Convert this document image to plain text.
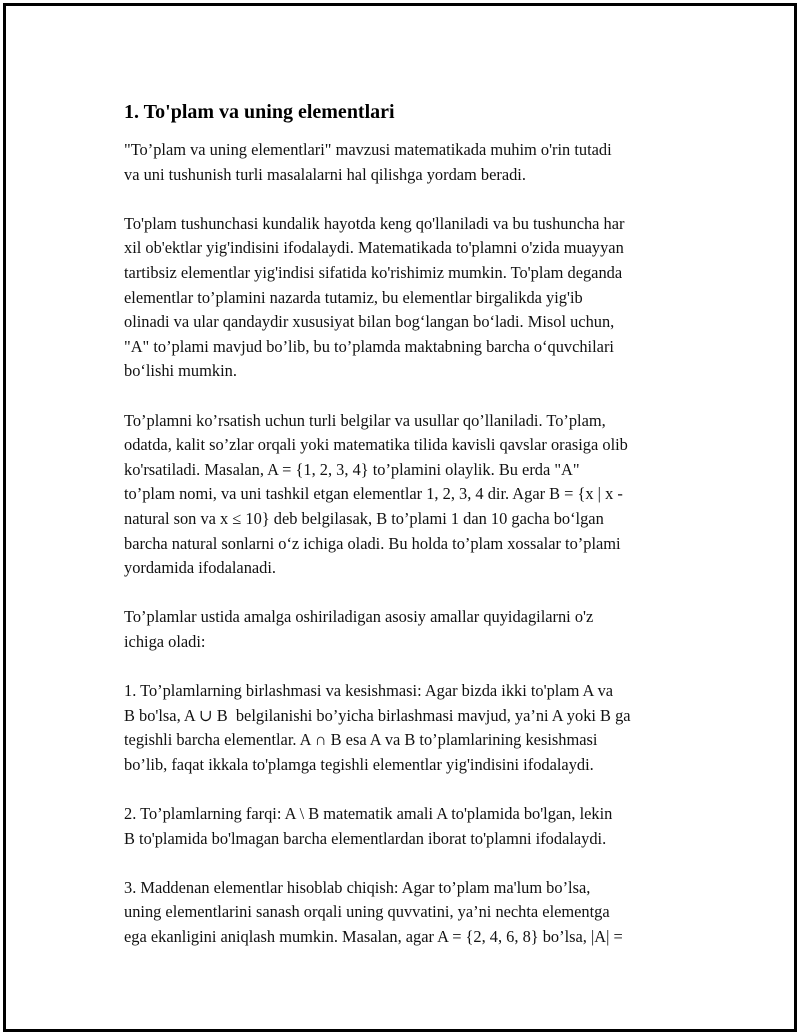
1. To'plam va uning elementlari
"To’plam va uning elementlari" mavzusi matematikada muhim o'rin tutadi
va uni tushunish turli masalalarni hal qilishga yordam beradi.
To'plam tushunchasi kundalik hayotda keng qo'llaniladi va bu tushuncha har
xil ob'ektlar yig'indisini ifodalaydi. Matematikada to'plamni o'zida muayyan
tartibsiz elementlar yig'indisi sifatida ko'rishimiz mumkin. To'plam deganda
elementlar to’plamini nazarda tutamiz, bu elementlar birgalikda yig'ib
olinadi va ular qandaydir xususiyat bilan bog‘langan bo‘ladi. Misol uchun,
"A" to’plami mavjud bo’lib, bu to’plamda maktabning barcha o‘quvchilari
bo‘lishi mumkin.
To’plamni ko’rsatish uchun turli belgilar va usullar qo’llaniladi. To’plam,
odatda, kalit so’zlar orqali yoki matematika tilida kavisli qavslar orasiga olib
ko'rsatiladi. Masalan, A = {1, 2, 3, 4} to’plamini olaylik. Bu erda "A"
to’plam nomi, va uni tashkil etgan elementlar 1, 2, 3, 4 dir. Agar B = {x | x -
natural son va x ≤ 10} deb belgilasak, B to’plami 1 dan 10 gacha bo‘lgan
barcha natural sonlarni o‘z ichiga oladi. Bu holda to’plam xossalar to’plami
yordamida ifodalanadi.
To’plamlar ustida amalga oshiriladigan asosiy amallar quyidagilarni o'z
ichiga oladi:
1. To’plamlarning birlashmasi va kesishmasi: Agar bizda ikki to'plam A va
B bo'lsa, A ∪ B  belgilanishi bo’yicha birlashmasi mavjud, ya’ni A yoki B ga
tegishli barcha elementlar. A ∩ B esa A va B to’plamlarining kesishmasi
bo’lib, faqat ikkala to'plamga tegishli elementlar yig'indisini ifodalaydi.
2. To’plamlarning farqi: A \ B matematik amali A to'plamida bo'lgan, lekin
B to'plamida bo'lmagan barcha elementlardan iborat to'plamni ifodalaydi.
3. Maddenan elementlar hisoblab chiqish: Agar to’plam ma'lum bo’lsa,
uning elementlarini sanash orqali uning quvvatini, ya’ni nechta elementga
ega ekanligini aniqlash mumkin. Masalan, agar A = {2, 4, 6, 8} bo’lsa, |A| =
